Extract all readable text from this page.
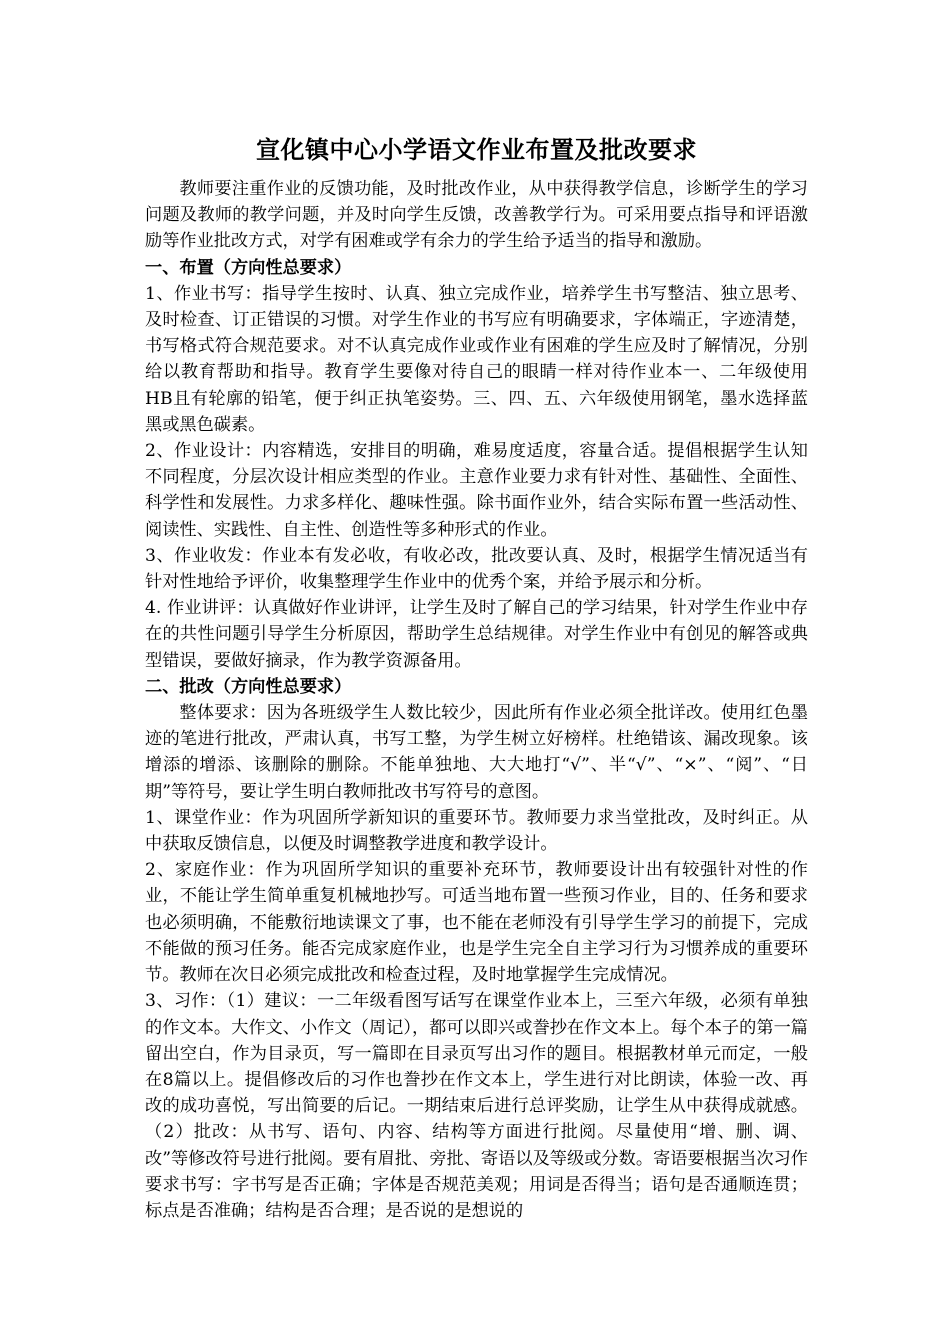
宣化镇中心小学语文作业布置及批改要求

教师要注重作业的反馈功能，及时批改作业，从中获得教学信息，诊断学生的学习问题及教师的教学问题，并及时向学生反馈，改善教学行为。可采用要点指导和评语激励等作业批改方式，对学有困难或学有余力的学生给予适当的指导和激励。

一、布置（方向性总要求）

1、作业书写：指导学生按时、认真、独立完成作业，培养学生书写整洁、独立思考、及时检查、订正错误的习惯。对学生作业的书写应有明确要求，字体端正，字迹清楚，书写格式符合规范要求。对不认真完成作业或作业有困难的学生应及时了解情况，分别给以教育帮助和指导。教育学生要像对待自己的眼睛一样对待作业本一、二年级使用HB且有轮廓的铅笔，便于纠正执笔姿势。三、四、五、六年级使用钢笔，墨水选择蓝黑或黑色碳素。

2、作业设计：内容精选，安排目的明确，难易度适度，容量合适。提倡根据学生认知不同程度，分层次设计相应类型的作业。主意作业要力求有针对性、基础性、全面性、科学性和发展性。力求多样化、趣味性强。除书面作业外，结合实际布置一些活动性、阅读性、实践性、自主性、创造性等多种形式的作业。

3、作业收发：作业本有发必收，有收必改，批改要认真、及时，根据学生情况适当有针对性地给予评价，收集整理学生作业中的优秀个案，并给予展示和分析。

4. 作业讲评：认真做好作业讲评，让学生及时了解自己的学习结果，针对学生作业中存在的共性问题引导学生分析原因，帮助学生总结规律。对学生作业中有创见的解答或典型错误，要做好摘录，作为教学资源备用。

二、批改（方向性总要求）

整体要求：因为各班级学生人数比较少，因此所有作业必须全批详改。使用红色墨迹的笔进行批改，严肃认真，书写工整，为学生树立好榜样。杜绝错该、漏改现象。该增添的增添、该删除的删除。不能单独地、大大地打“√”、半“√”、“×”、“阅”、“日期”等符号，要让学生明白教师批改书写符号的意图。

1、课堂作业：作为巩固所学新知识的重要环节。教师要力求当堂批改，及时纠正。从中获取反馈信息，以便及时调整教学进度和教学设计。

2、家庭作业：作为巩固所学知识的重要补充环节，教师要设计出有较强针对性的作业，不能让学生简单重复机械地抄写。可适当地布置一些预习作业，目的、任务和要求也必须明确，不能敷衍地读课文了事，也不能在老师没有引导学生学习的前提下，完成不能做的预习任务。能否完成家庭作业，也是学生完全自主学习行为习惯养成的重要环节。教师在次日必须完成批改和检查过程，及时地掌握学生完成情况。

3、习作：（1）建议：一二年级看图写话写在课堂作业本上，三至六年级，必须有单独的作文本。大作文、小作文（周记），都可以即兴或誊抄在作文本上。每个本子的第一篇留出空白，作为目录页，写一篇即在目录页写出习作的题目。根据教材单元而定，一般在8篇以上。提倡修改后的习作也誊抄在作文本上，学生进行对比朗读，体验一改、再改的成功喜悦，写出简要的后记。一期结束后进行总评奖励，让学生从中获得成就感。（2）批改：从书写、语句、内容、结构等方面进行批阅。尽量使用“增、删、调、改”等修改符号进行批阅。要有眉批、旁批、寄语以及等级或分数。寄语要根据当次习作要求书写：字书写是否正确；字体是否规范美观；用词是否得当；语句是否通顺连贯；标点是否准确；结构是否合理；是否说的是想说的
